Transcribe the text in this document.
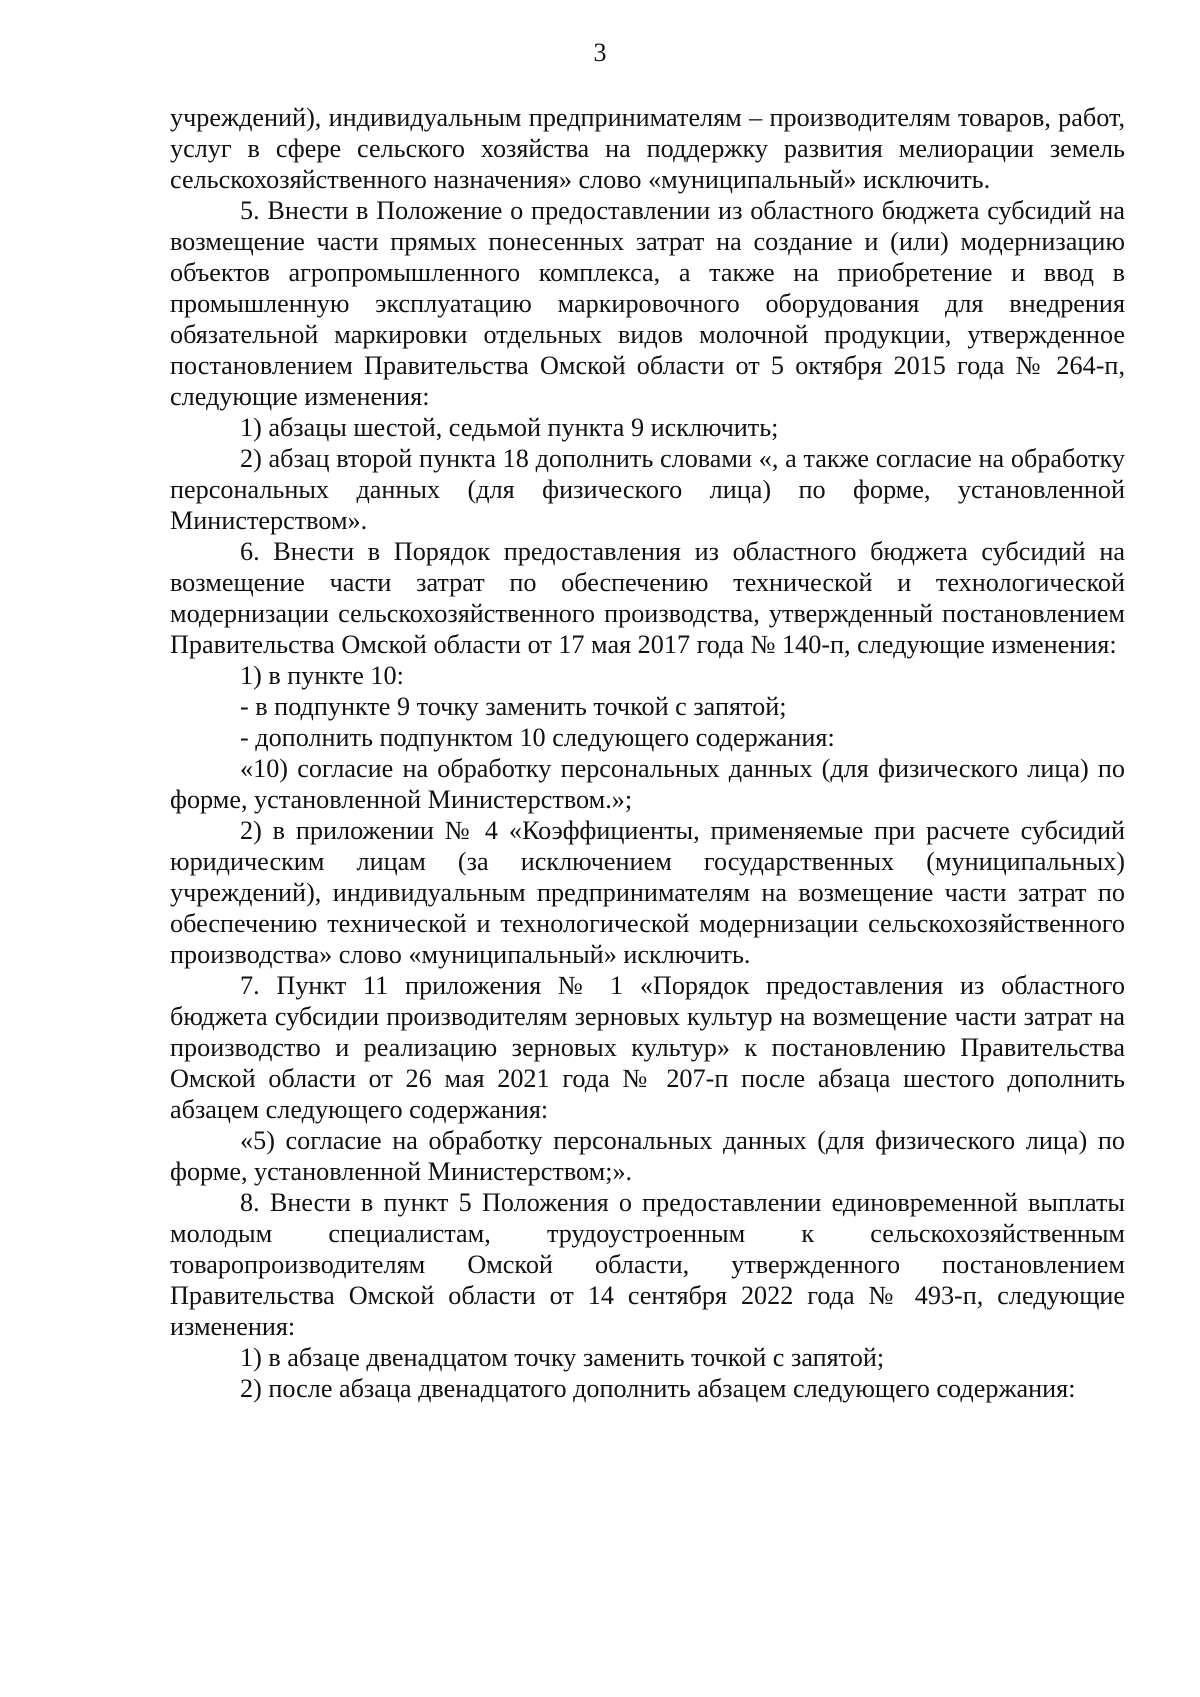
3

учреждений), индивидуальным предпринимателям – производителям товаров, работ, услуг в сфере сельского хозяйства на поддержку развития мелиорации земель сельскохозяйственного назначения» слово «муниципальный» исключить.

5. Внести в Положение о предоставлении из областного бюджета субсидий на возмещение части прямых понесенных затрат на создание и (или) модернизацию объектов агропромышленного комплекса, а также на приобретение и ввод в промышленную эксплуатацию маркировочного оборудования для внедрения обязательной маркировки отдельных видов молочной продукции, утвержденное постановлением Правительства Омской области от 5 октября 2015 года № 264-п, следующие изменения:

1) абзацы шестой, седьмой пункта 9 исключить;

2) абзац второй пункта 18 дополнить словами «, а также согласие на обработку персональных данных (для физического лица) по форме, установленной Министерством».

6. Внести в Порядок предоставления из областного бюджета субсидий на возмещение части затрат по обеспечению технической и технологической модернизации сельскохозяйственного производства, утвержденный постановлением Правительства Омской области от 17 мая 2017 года № 140-п, следующие изменения:

1) в пункте 10:

- в подпункте 9 точку заменить точкой с запятой;

- дополнить подпунктом 10 следующего содержания:

«10) согласие на обработку персональных данных (для физического лица) по форме, установленной Министерством.»;

2) в приложении № 4 «Коэффициенты, применяемые при расчете субсидий юридическим лицам (за исключением государственных (муниципальных) учреждений), индивидуальным предпринимателям на возмещение части затрат по обеспечению технической и технологической модернизации сельскохозяйственного производства» слово «муниципальный» исключить.

7. Пункт 11 приложения № 1 «Порядок предоставления из областного бюджета субсидии производителям зерновых культур на возмещение части затрат на производство и реализацию зерновых культур» к постановлению Правительства Омской области от 26 мая 2021 года № 207-п после абзаца шестого дополнить абзацем следующего содержания:

«5) согласие на обработку персональных данных (для физического лица) по форме, установленной Министерством;».

8. Внести в пункт 5 Положения о предоставлении единовременной выплаты молодым специалистам, трудоустроенным к сельскохозяйственным товаропроизводителям Омской области, утвержденного постановлением Правительства Омской области от 14 сентября 2022 года № 493-п, следующие изменения:

1) в абзаце двенадцатом точку заменить точкой с запятой;

2) после абзаца двенадцатого дополнить абзацем следующего содержания:
